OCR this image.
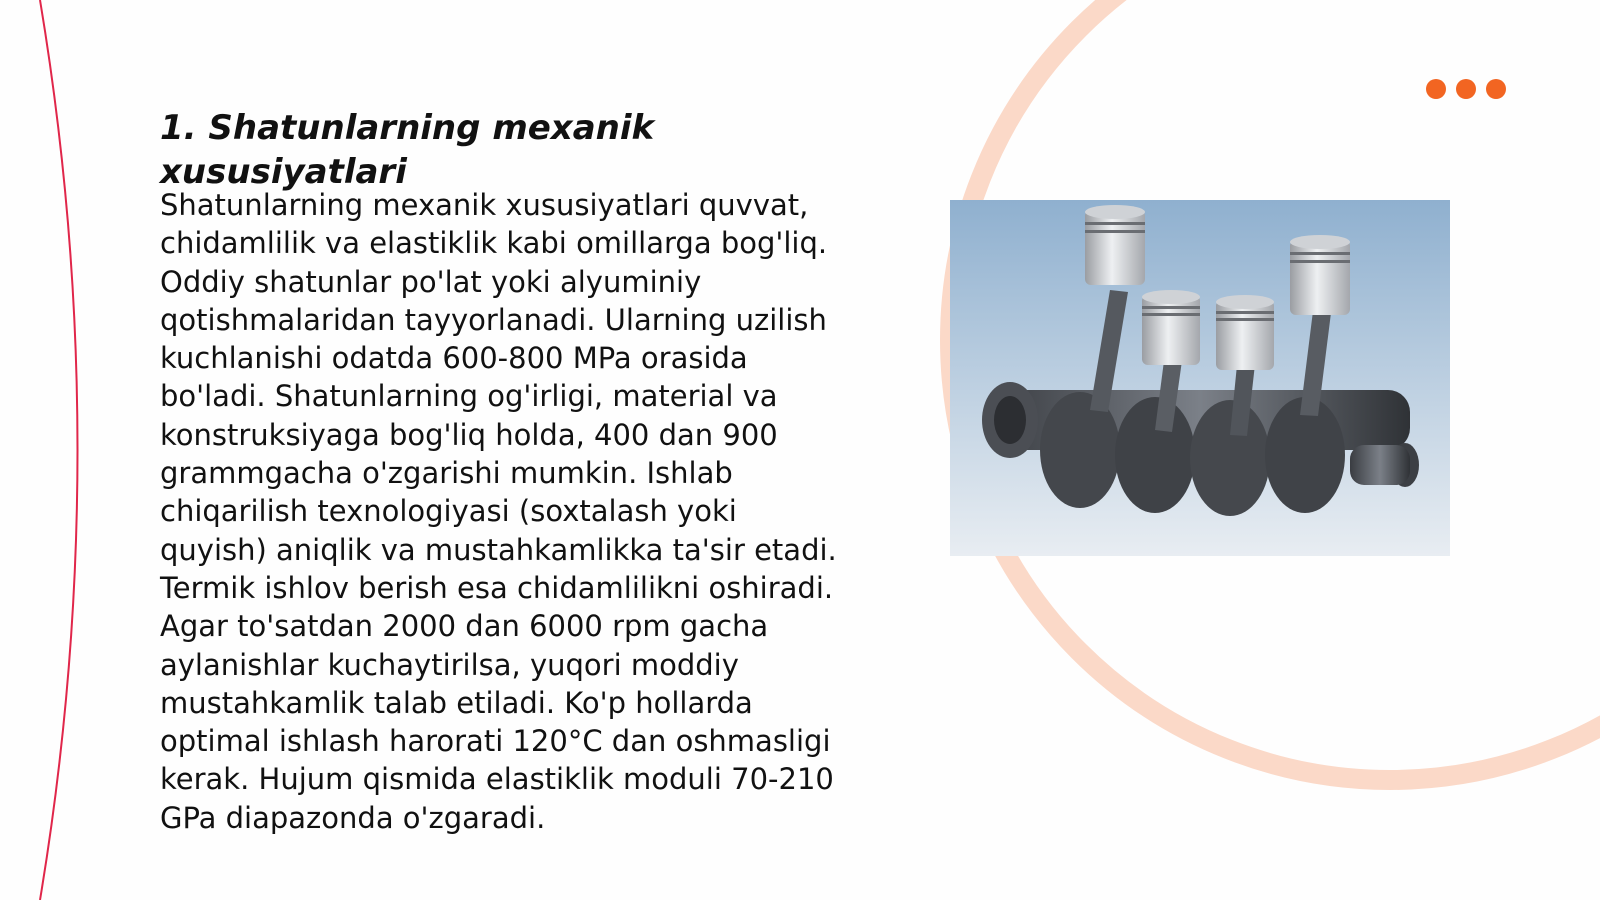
1. Shatunlarning mexanik xususiyatlari

Shatunlarning mexanik xususiyatlari quvvat, chidamlilik va elastiklik kabi omillarga bog'liq. Oddiy shatunlar po'lat yoki alyuminiy qotishmalaridan tayyorlanadi. Ularning uzilish kuchlanishi odatda 600-800 MPa orasida bo'ladi. Shatunlarning og'irligi, material va konstruksiyaga bog'liq holda, 400 dan 900 grammgacha o'zgarishi mumkin. Ishlab chiqarilish texnologiyasi (soxtalash yoki quyish) aniqlik va mustahkamlikka ta'sir etadi. Termik ishlov berish esa chidamlilikni oshiradi. Agar to'satdan 2000 dan 6000 rpm gacha aylanishlar kuchaytirilsa, yuqori moddiy mustahkamlik talab etiladi. Ko'p hollarda optimal ishlash harorati 120°C dan oshmasligi kerak. Hujum qismida elastiklik moduli 70-210 GPa diapazonda o'zgaradi.
